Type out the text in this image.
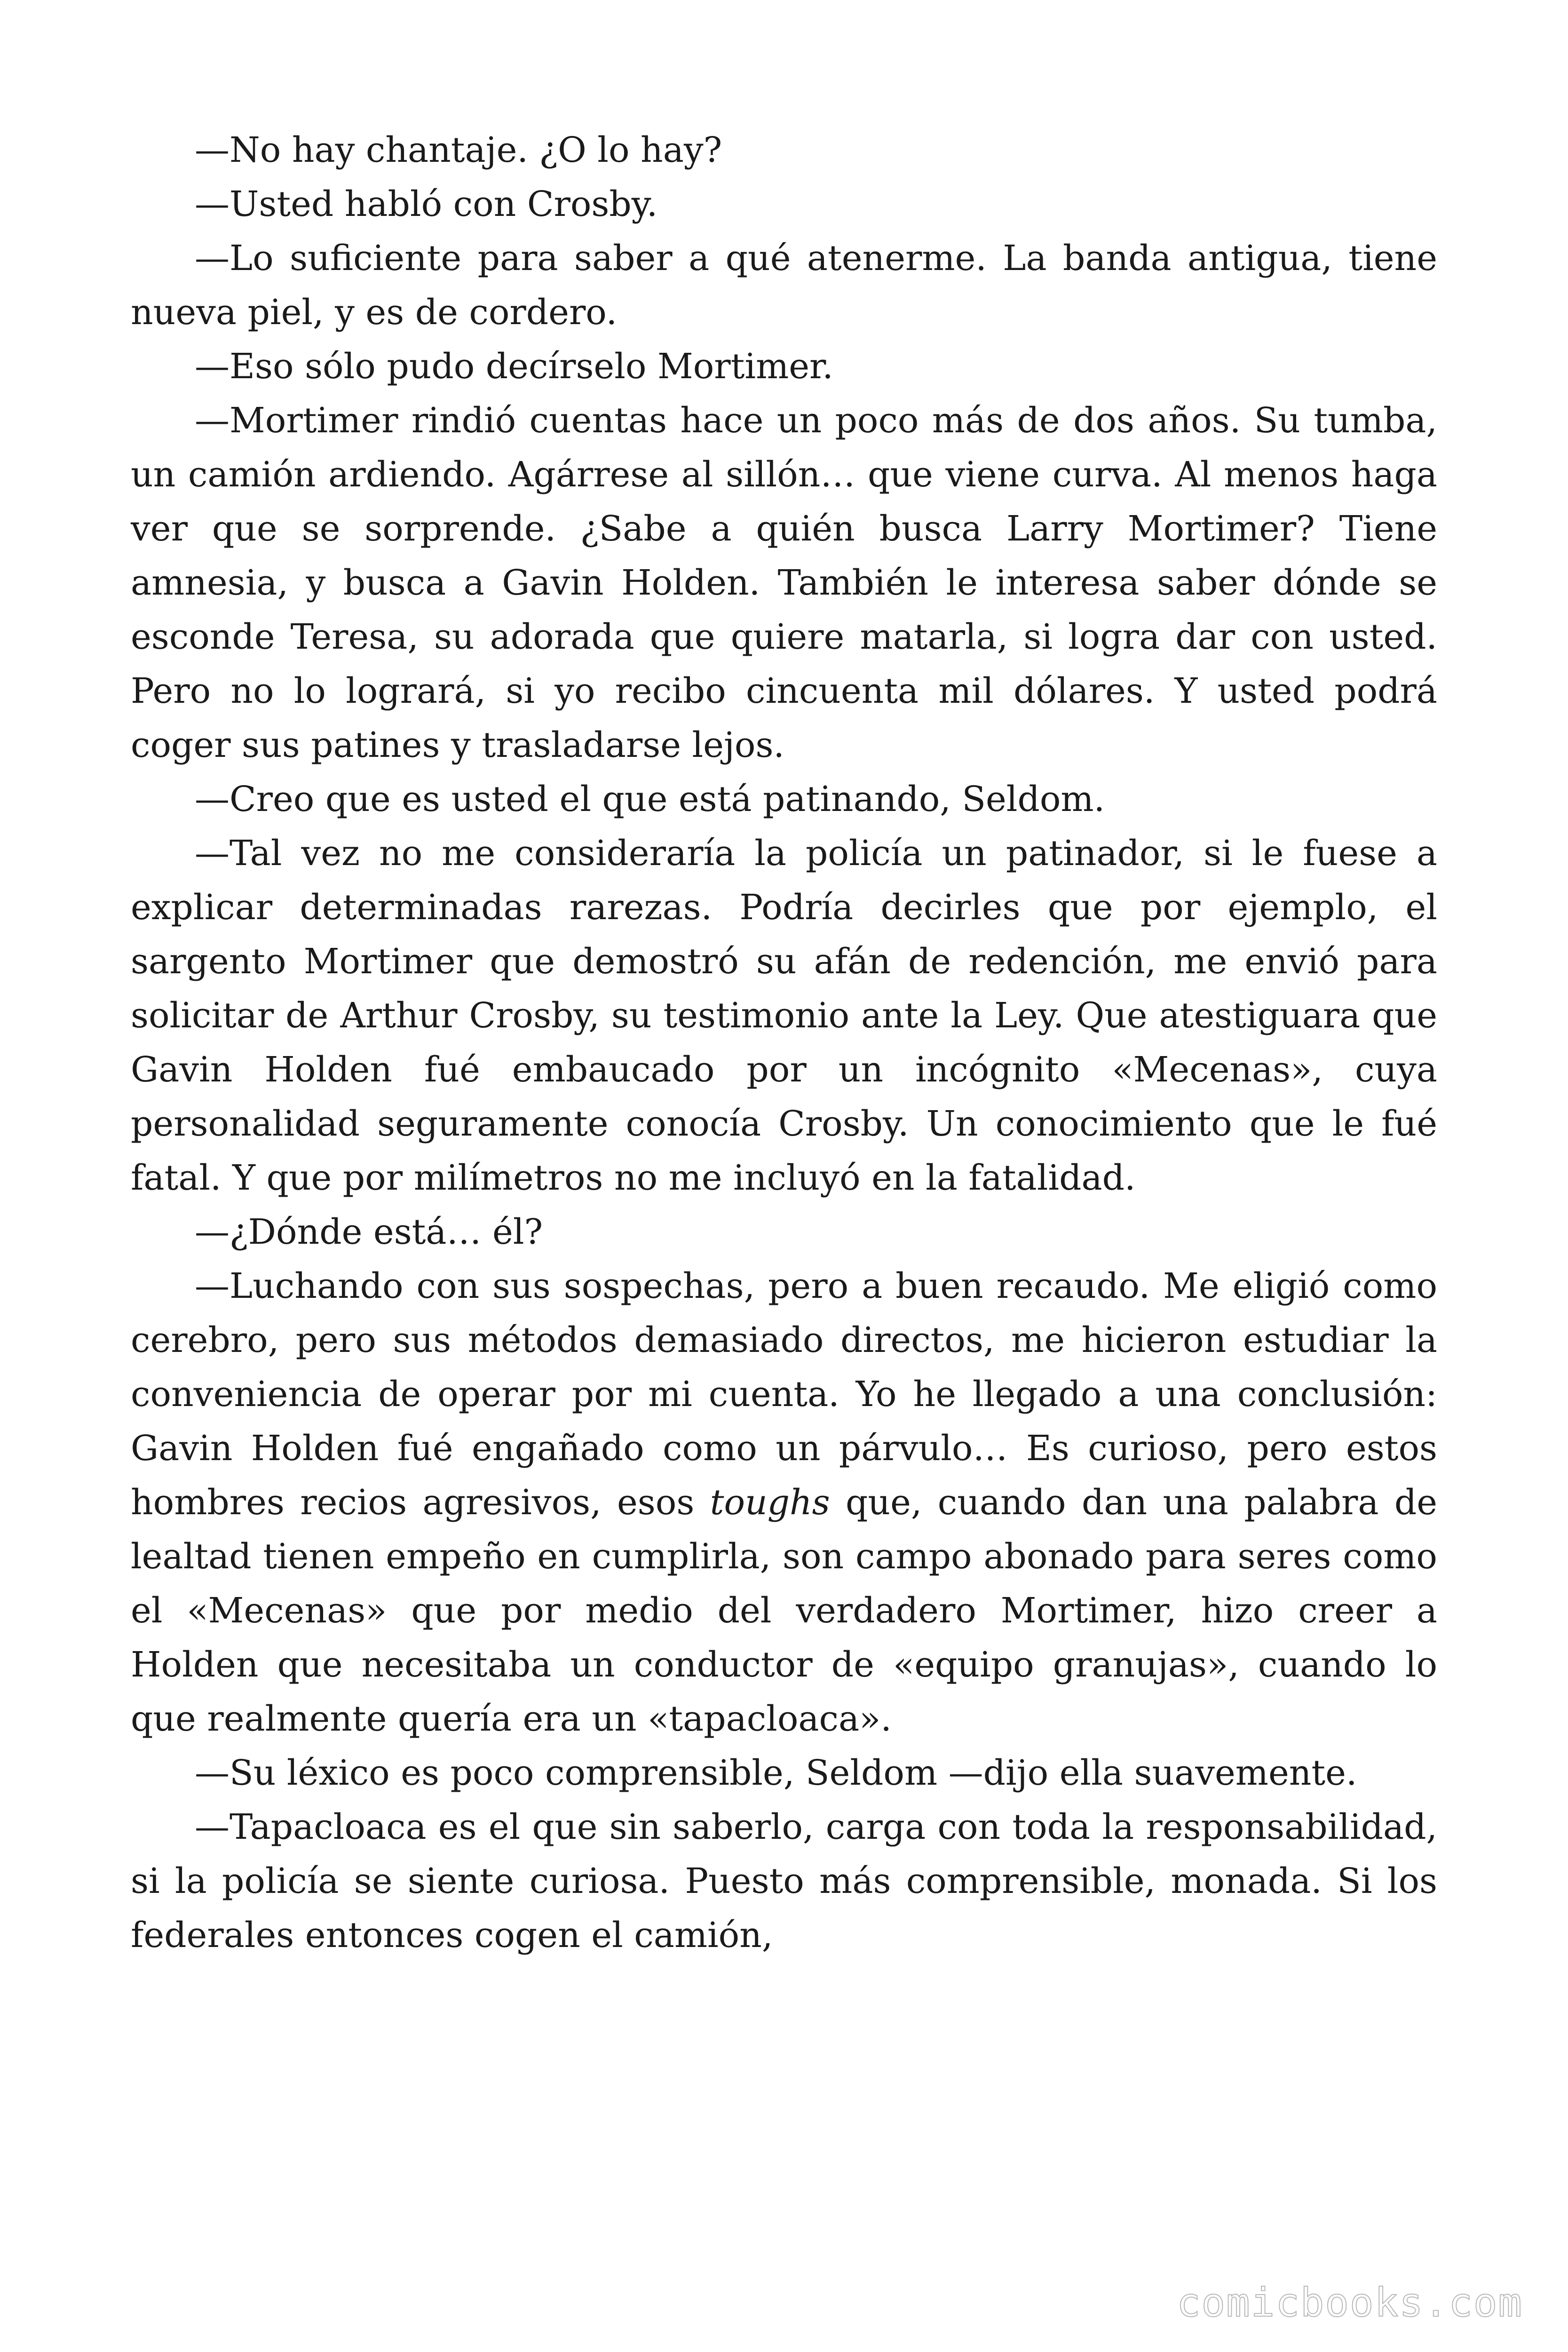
—No hay chantaje. ¿O lo hay?

—Usted habló con Crosby.

—Lo suficiente para saber a qué atenerme. La banda antigua, tiene nueva piel, y es de cordero.

—Eso sólo pudo decírselo Mortimer.

—Mortimer rindió cuentas hace un poco más de dos años. Su tumba, un camión ardiendo. Agárrese al sillón… que viene curva. Al menos haga ver que se sorprende. ¿Sabe a quién busca Larry Mortimer? Tiene amnesia, y busca a Gavin Holden. También le interesa saber dónde se esconde Teresa, su adorada que quiere matarla, si logra dar con usted. Pero no lo logrará, si yo recibo cincuenta mil dólares. Y usted podrá coger sus patines y trasladarse lejos.

—Creo que es usted el que está patinando, Seldom.

—Tal vez no me consideraría la policía un patinador, si le fuese a explicar determinadas rarezas. Podría decirles que por ejemplo, el sargento Mortimer que demostró su afán de redención, me envió para solicitar de Arthur Crosby, su testimonio ante la Ley. Que atestiguara que Gavin Holden fué embaucado por un incógnito «Mecenas», cuya personalidad seguramente conocía Crosby. Un conocimiento que le fué fatal. Y que por milímetros no me incluyó en la fatalidad.

—¿Dónde está… él?

—Luchando con sus sospechas, pero a buen recaudo. Me eligió como cerebro, pero sus métodos demasiado directos, me hicieron estudiar la conveniencia de operar por mi cuenta. Yo he llegado a una conclusión: Gavin Holden fué engañado como un párvulo… Es curioso, pero estos hombres recios agresivos, esos toughs que, cuando dan una palabra de lealtad tienen empeño en cumplirla, son campo abonado para seres como el «Mecenas» que por medio del verdadero Mortimer, hizo creer a Holden que necesitaba un conductor de «equipo granujas», cuando lo que realmente quería era un «tapacloaca».

—Su léxico es poco comprensible, Seldom —dijo ella suavemente.

—Tapacloaca es el que sin saberlo, carga con toda la responsabilidad, si la policía se siente curiosa. Puesto más comprensible, monada. Si los federales entonces cogen el camión,

comicbooks.com
